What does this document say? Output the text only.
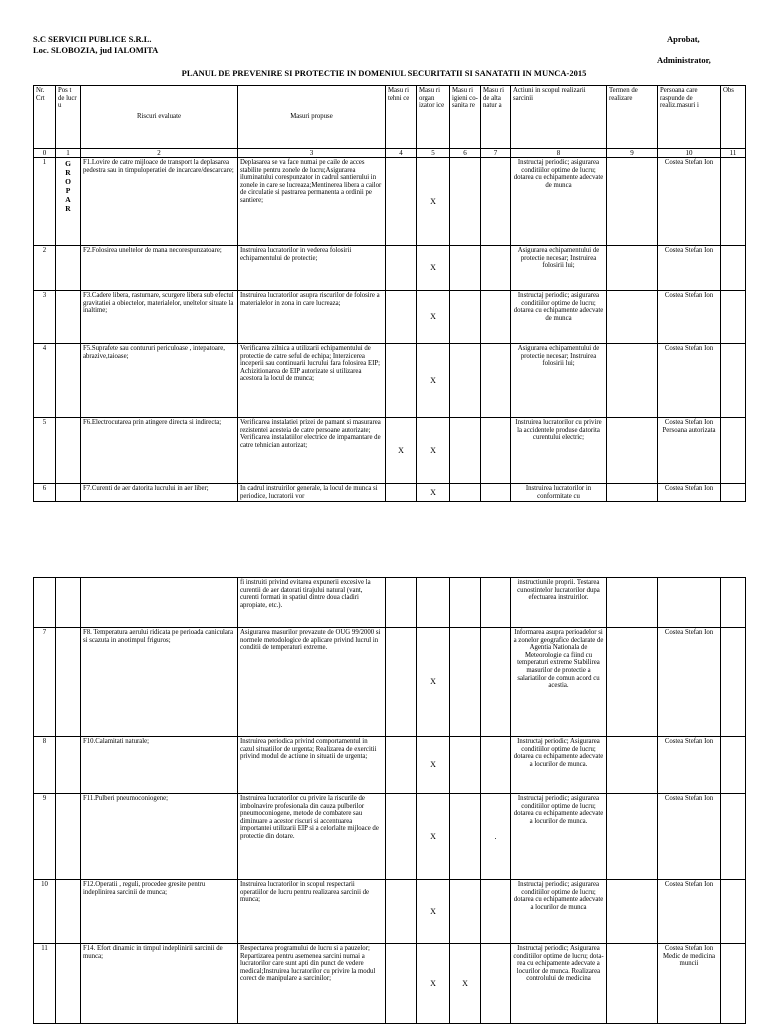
S.C SERVICII PUBLICE S.R.L.
Loc. SLOBOZIA, jud IALOMITA
Aprobat,
Administrator,
PLANUL DE PREVENIRE SI PROTECTIE IN DOMENIUL SECURITATII SI SANATATII IN MUNCA-2015
Nr. Crt	Pos t de lucr u	Riscuri evaluate	Masuri propuse	Masu ri tehni ce	Masu ri organ izator ice	Masu ri igieni co-sanita re	Masu ri de alta natur a	Actiuni in scopul realizarii sarcinii	Termen de realizare	Persoana care raspunde de realiz.masuri i	Obs
0	1	2	3	4	5	6	7	8	9	10	11
1	G R O P A R	F1.Lovire de catre mijloace de transport la deplasarea pedestra sau in timpuloperatiei de incarcare/descarcare;	Deplasarea se va face numai pe caile de acces stabilite pentru zonele de lucru;Asigurarea iluminatului corespunzator in cadrul santierului in zonele in care se lucreaza;Mentinerea libera a cailor de circulatie si pastrarea permanenta a ordinii pe santiere;		X			Instructaj periodic; asigurarea conditiilor optime de lucru; dotarea cu echipamente adecvate de munca		Costea Stefan Ion	
2		F2.Folosirea uneltelor de mana necorespunzatoare;	Instruirea lucratorilor in vederea folosirii echipamentului de protectie;		X			Asigurarea echipamentului de protectie necesar; Instruirea folosirii lui;		Costea Stefan Ion	
3		F3.Cadere libera, rasturnare, scurgere libera sub efectul gravitatiei a obiectelor, materialelor, uneltelor situate la inaltime;	Instruirea lucratorilor asupra riscurilor de folosire a materialelor in zona in care lucreaza;		X			Instructaj periodic; asigurarea conditiilor optime de lucru; dotarea cu echipamente adecvate de munca		Costea Stefan Ion	
4		F5.Suprafete sau contururi periculoase , intepatoare, abrazive,taioase;	Verificarea zilnica a utilizarii echipamentului de protectie de catre seful de echipa; Interzicerea inceperii sau continuarii lucrului fara folosirea EIP; Achizitionarea de EIP autorizate si utilizarea acestora la locul de munca;		X			Asigurarea echipamentului de protectie necesar; Instruirea folosirii lui;		Costea Stefan Ion	
5		F6.Electrocutarea prin atingere directa si indirecta;	Verificarea instalatiei prizei de pamant si masurarea rezistentei acesteia de catre persoane autorizate; Verificarea instalatiilor electrice de impamantare de catre tehnician autorizat;	X	X			Instruirea lucratorilor cu privire la accidentele produse datorita curentului electric;		Costea Stefan Ion Persoana autorizata	
6		F7.Curenti de aer datorita lucrului in aer liber;	In cadrul instruirilor generale, la locul de munca si periodice, lucratorii vor		X			Instruirea lucratorilor in conformitate cu		Costea Stefan Ion	
			fi instruiti privind evitarea expunerii excesive la curentii de aer datorati tirajului natural (vant, curenti formati in spatiul dintre doua cladiri apropiate, etc.).					instructiunile proprii. Testarea cunostintelor lucratorilor dupa efectuarea instruirilor.			
7		F8. Temperatura aerului ridicata pe perioada caniculara si scazuta in anotimpul friguros;	Asigurarea masurilor prevazute de OUG 99/2000 si normele metodologice de aplicare privind lucrul in conditii de temperaturi extreme.		X			Informarea asupra perioadelor si a zonelor geografice declarate de Agentia Nationala de Meteorologie ca fiind cu temperaturi extreme Stabilirea masurilor de protectie a salariatilor de comun acord cu acestia.		Costea Stefan Ion	
8		F10.Calamitati naturale;	Instruirea periodica privind comportamentul in cazul situatiilor de urgenta; Realizarea de exercitii privind modul de actiune in situatii de urgenta;		X			Instructaj periodic; Asigurarea conditiilor optime de lucru; dotarea cu echipamente adecvate a locurilor de munca.		Costea Stefan Ion	
9		F11.Pulberi pneumoconiogene;	Instruirea lucratorilor cu privire la riscurile de imbolnavire profesionala din cauza pulberilor pneumoconiogene, metode de combatere sau diminuare a acestor riscuri si accentuarea importantei utilizarii EIP si a celorlalte mijloace de protectie din dotare.		X		.	Instructaj periodic; asigurarea conditiilor optime de lucru; dotarea cu echipamente adecvate a locurilor de munca.		Costea Stefan Ion	
10		F12.Operatii , reguli, procedee gresite pentru indeplinirea sarcinii de munca;	Instruirea lucratorilor in scopul respectarii operatiilor de lucru pentru realizarea sarcinii de munca;		X			Instructaj periodic; asigurarea conditiilor optime de lucru; dotarea cu echipamente adecvate a locurilor de munca		Costea Stefan Ion	
11		F14. Efort dinamic in timpul indeplinirii sarcinii de munca;	Respectarea programului de lucru si a pauzelor; Repartizarea pentru asemenea sarcini numai a lucratorilor care sunt apti din punct de vedere medical;Instruirea lucratorilor cu privire la modul corect de manipulare a sarcinilor;		X	X		Instructaj periodic; Asigurarea conditiilor optime de lucru; dota-rea cu echipamente adecvate a locurilor de munca. Realizarea controlului de medicina		Costea Stefan Ion Medic de medicina muncii	
